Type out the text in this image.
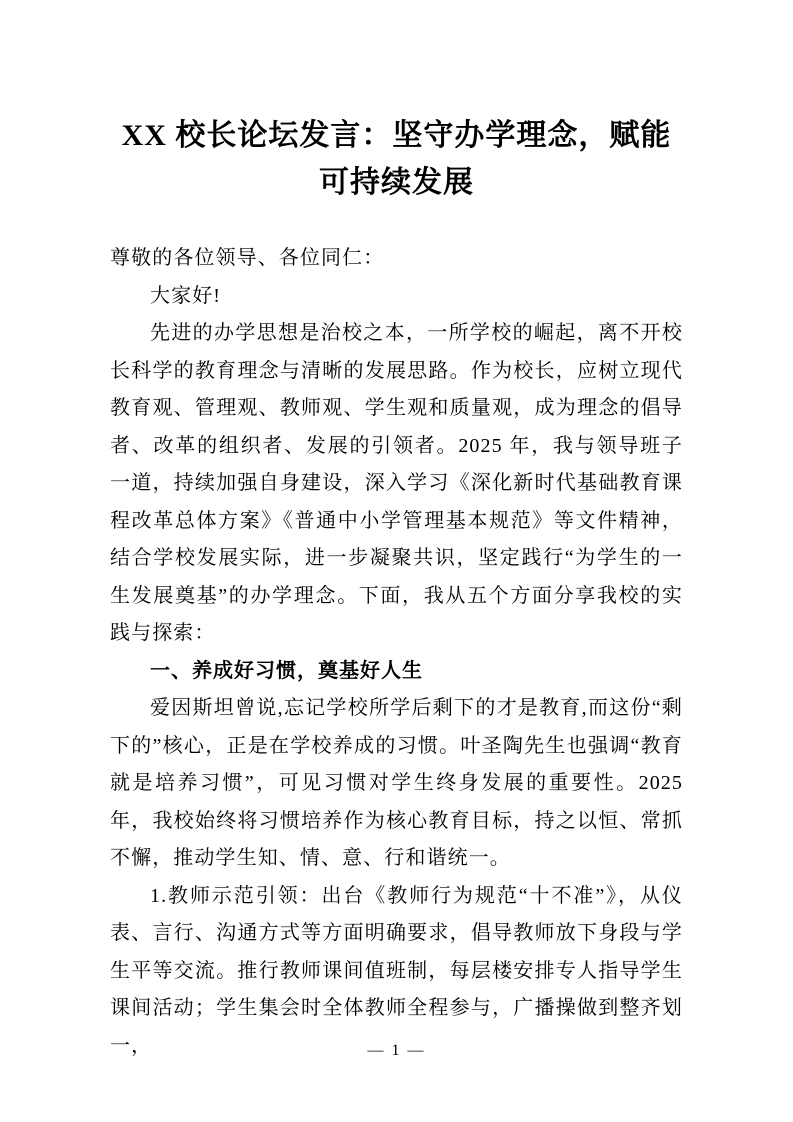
XX 校长论坛发言：坚守办学理念，赋能
可持续发展

尊敬的各位领导、各位同仁：

大家好!

先进的办学思想是治校之本，一所学校的崛起，离不开校长科学的教育理念与清晰的发展思路。作为校长，应树立现代教育观、管理观、教师观、学生观和质量观，成为理念的倡导者、改革的组织者、发展的引领者。2025 年，我与领导班子一道，持续加强自身建设，深入学习《深化新时代基础教育课程改革总体方案》《普通中小学管理基本规范》等文件精神，结合学校发展实际，进一步凝聚共识，坚定践行“为学生的一生发展奠基”的办学理念。下面，我从五个方面分享我校的实践与探索：

一、养成好习惯，奠基好人生

爱因斯坦曾说,忘记学校所学后剩下的才是教育,而这份“剩下的”核心，正是在学校养成的习惯。叶圣陶先生也强调“教育就是培养习惯”，可见习惯对学生终身发展的重要性。2025 年，我校始终将习惯培养作为核心教育目标，持之以恒、常抓不懈，推动学生知、情、意、行和谐统一。

1.教师示范引领：出台《教师行为规范“十不准”》，从仪表、言行、沟通方式等方面明确要求，倡导教师放下身段与学生平等交流。推行教师课间值班制，每层楼安排专人指导学生课间活动；学生集会时全体教师全程参与，广播操做到整齐划一，	— 1 —
